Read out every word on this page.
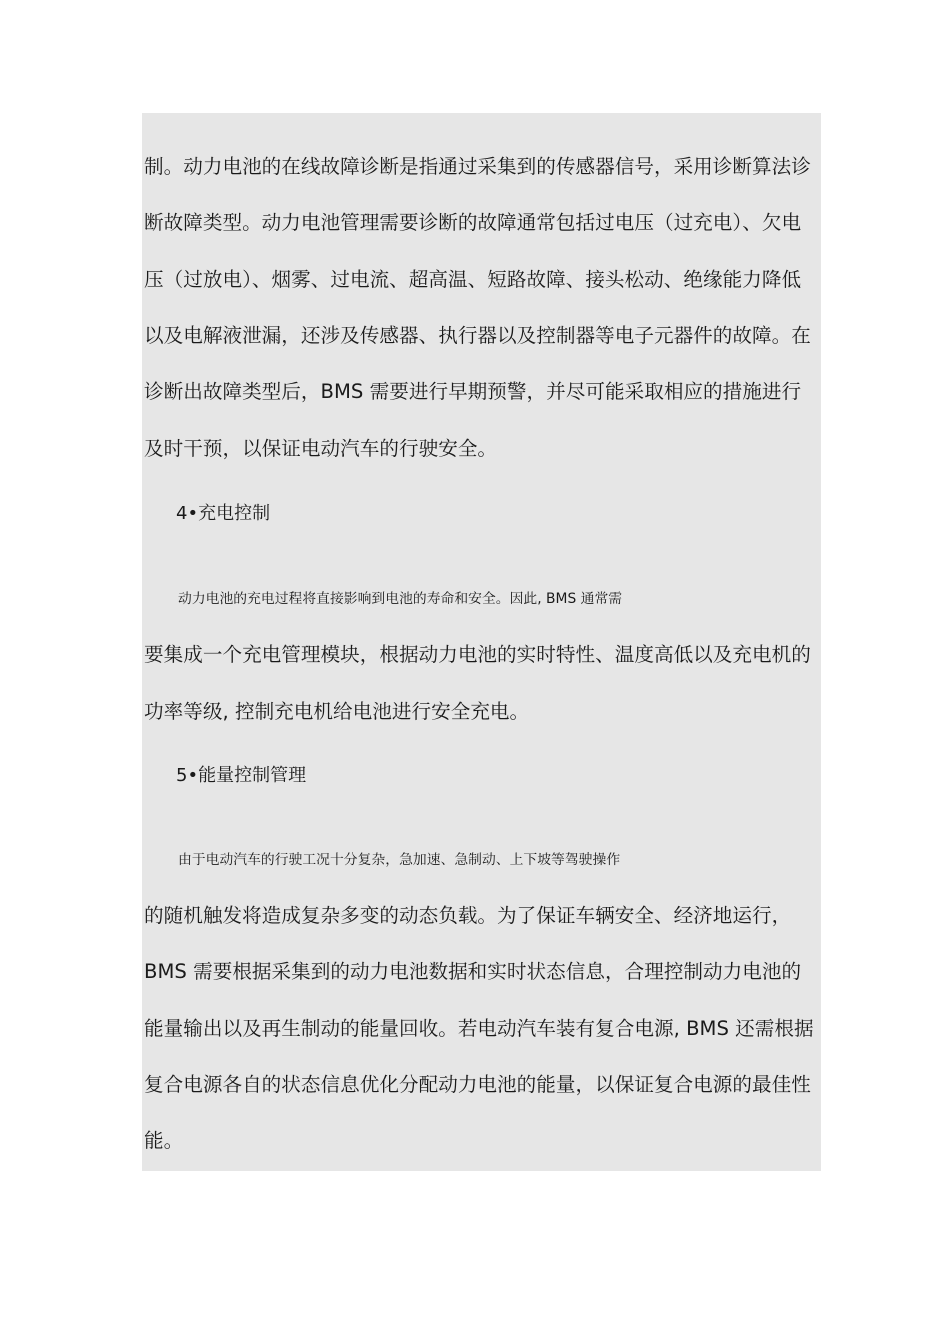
制。动力电池的在线故障诊断是指通过采集到的传感器信号，采用诊断算法诊
断故障类型。动力电池管理需要诊断的故障通常包括过电压（过充电）、欠电
压（过放电）、烟雾、过电流、超高温、短路故障、接头松动、绝缘能力降低
以及电解液泄漏，还涉及传感器、执行器以及控制器等电子元器件的故障。在
诊断出故障类型后，BMS 需要进行早期预警，并尽可能采取相应的措施进行
及时干预，以保证电动汽车的行驶安全。
4•充电控制
动力电池的充电过程将直接影响到电池的寿命和安全。因此, BMS 通常需
要集成一个充电管理模块，根据动力电池的实时特性、温度高低以及充电机的
功率等级, 控制充电机给电池进行安全充电。
5•能量控制管理
由于电动汽车的行驶工况十分复杂，急加速、急制动、上下坡等驾驶操作
的随机触发将造成复杂多变的动态负载。为了保证车辆安全、经济地运行，
BMS 需要根据采集到的动力电池数据和实时状态信息，合理控制动力电池的
能量输出以及再生制动的能量回收。若电动汽车装有复合电源, BMS 还需根据
复合电源各自的状态信息优化分配动力电池的能量，以保证复合电源的最佳性
能。
